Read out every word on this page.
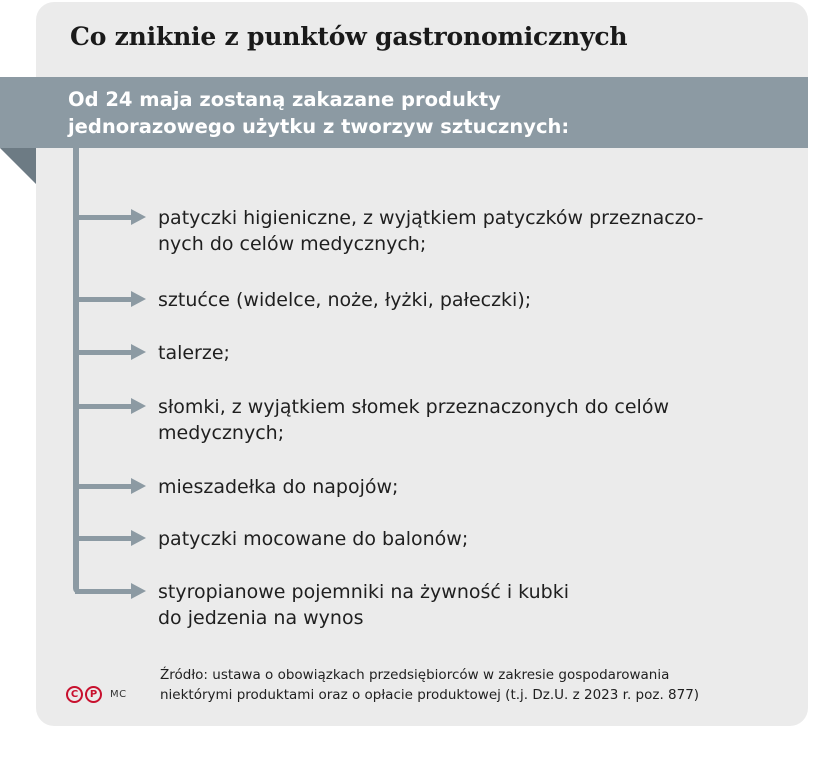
Co zniknie z punktów gastronomicznych

Od 24 maja zostaną zakazane produkty
jednorazowego użytku z tworzyw sztucznych:

patyczki higieniczne, z wyjątkiem patyczków przeznaczo-
nych do celów medycznych;

sztućce (widelce, noże, łyżki, pałeczki);

talerze;

słomki, z wyjątkiem słomek przeznaczonych do celów
medycznych;

mieszadełka do napojów;

patyczki mocowane do balonów;

styropianowe pojemniki na żywność i kubki
do jedzenia na wynos

C	P	MC

Źródło: ustawa o obowiązkach przedsiębiorców w zakresie gospodarowania
niektórymi produktami oraz o opłacie produktowej (t.j. Dz.U. z 2023 r. poz. 877)
